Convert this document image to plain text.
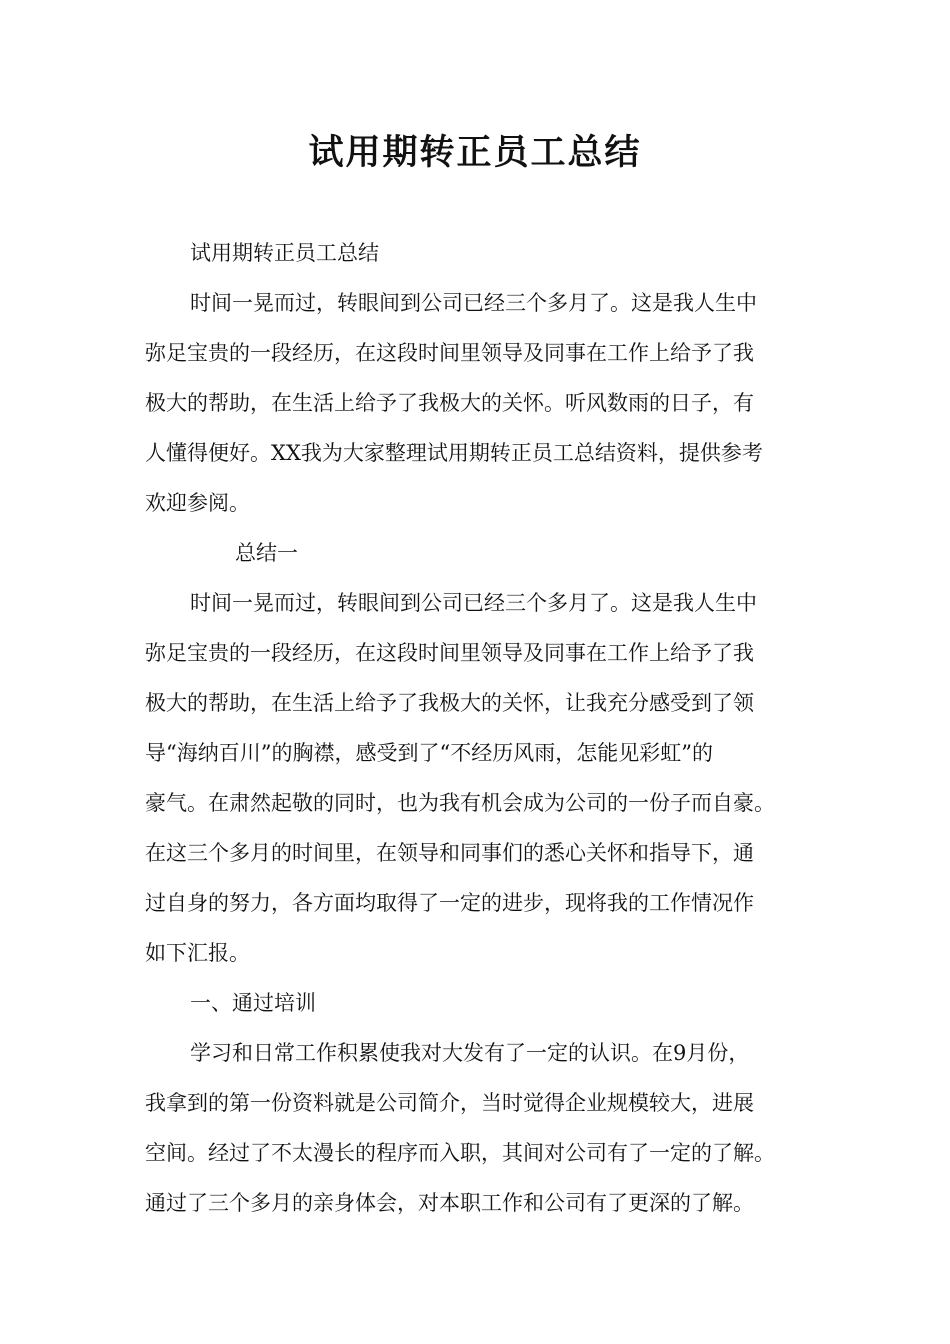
试用期转正员工总结
试用期转正员工总结
时间一晃而过，转眼间到公司已经三个多月了。这是我人生中
弥足宝贵的一段经历，在这段时间里领导及同事在工作上给予了我
极大的帮助，在生活上给予了我极大的关怀。听风数雨的日子，有
人懂得便好。XX我为大家整理试用期转正员工总结资料，提供参考
欢迎参阅。
总结一
时间一晃而过，转眼间到公司已经三个多月了。这是我人生中
弥足宝贵的一段经历，在这段时间里领导及同事在工作上给予了我
极大的帮助，在生活上给予了我极大的关怀，让我充分感受到了领
导“海纳百川”的胸襟，感受到了“不经历风雨，怎能见彩虹”的
豪气。在肃然起敬的同时，也为我有机会成为公司的一份子而自豪。
在这三个多月的时间里，在领导和同事们的悉心关怀和指导下，通
过自身的努力，各方面均取得了一定的进步，现将我的工作情况作
如下汇报。
一、通过培训
学习和日常工作积累使我对大发有了一定的认识。在9月份，
我拿到的第一份资料就是公司简介，当时觉得企业规模较大，进展
空间。经过了不太漫长的程序而入职，其间对公司有了一定的了解。
通过了三个多月的亲身体会，对本职工作和公司有了更深的了解。
